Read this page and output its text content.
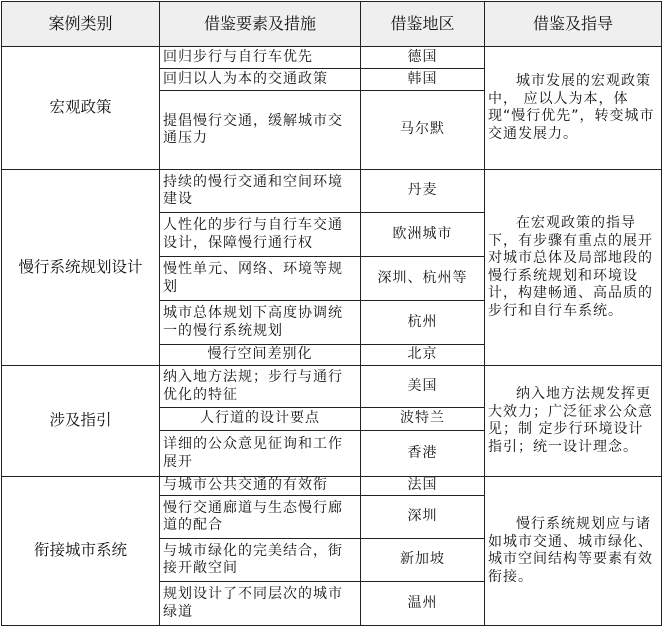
案例类别	借鉴要素及措施	借鉴地区	借鉴及指导
宏观政策	回归步行与自行车优先	德国	城市发展的宏观政策中， 应以人为本，体现“慢行优先”，转变城市交通发展力。
	回归以人为本的交通政策	韩国	
	提倡慢行交通，缓解城市交通压力	马尔默	
慢行系统规划设计	持续的慢行交通和空间环境建设	丹麦	在宏观政策的指导下，有步骤有重点的展开对城市总体及局部地段的慢行系统规划和环境设计，构建畅通、高品质的步行和自行车系统。
	人性化的步行与自行车交通设计，保障慢行通行权	欧洲城市	
	慢性单元、网络、环境等规划	深圳、杭州等	
	城市总体规划下高度协调统一的慢行系统规划	杭州	
	慢行空间差别化	北京	
涉及指引	纳入地方法规；步行与通行优化的特征	美国	纳入地方法规发挥更大效力；广泛征求公众意见；制 定步行环境设计指引；统一设计理念。
	人行道的设计要点	波特兰	
	详细的公众意见征询和工作展开	香港	
衔接城市系统	与城市公共交通的有效衔	法国	慢行系统规划应与诸如城市交通、城市绿化、城市空间结构等要素有效衔接。
	慢行交通廊道与生态慢行廊道的配合	深圳	
	与城市绿化的完美结合，街接开敞空间	新加坡	
	规划设计了不同层次的城市绿道	温州	
